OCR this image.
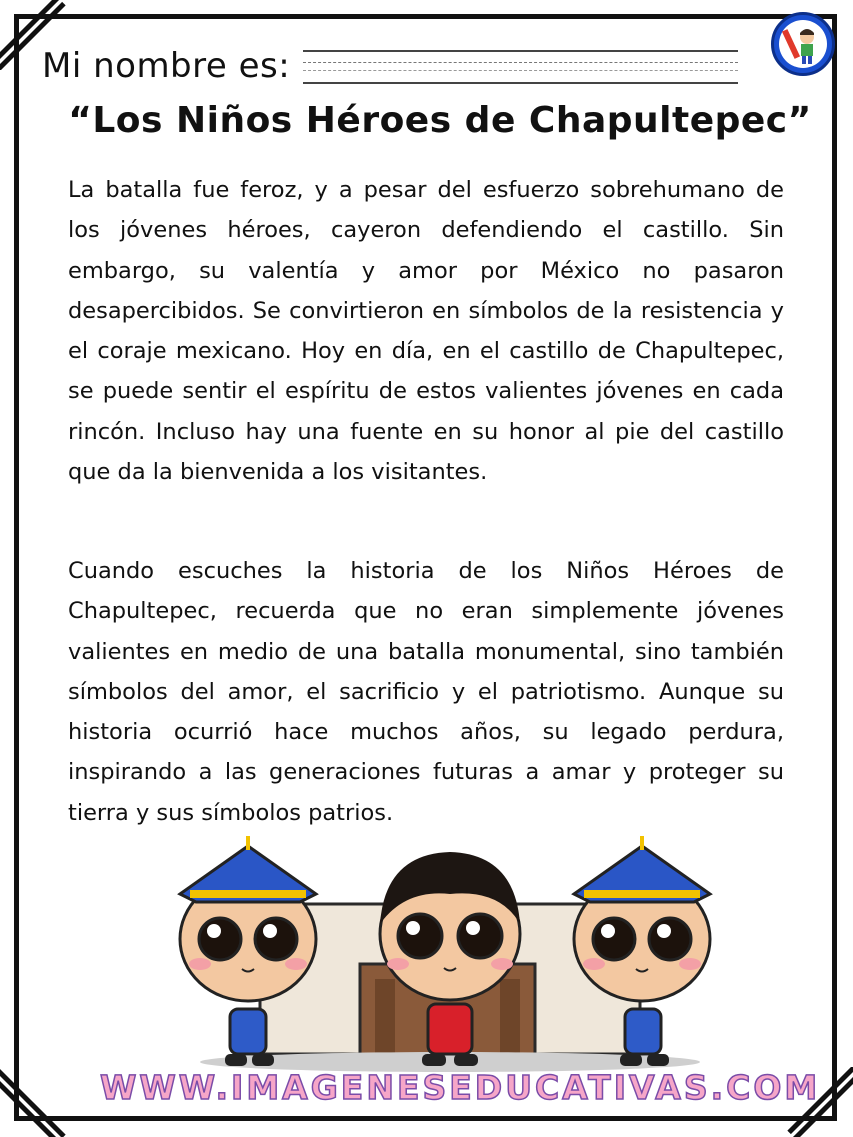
Mi nombre es:
“Los Niños Héroes de Chapultepec”

La batalla fue feroz, y a pesar del esfuerzo sobrehumano de los jóvenes héroes, cayeron defendiendo el castillo. Sin embargo, su valentía y amor por México no pasaron desapercibidos. Se convirtieron en símbolos de la resistencia y el coraje mexicano. Hoy en día, en el castillo de Chapultepec, se puede sentir el espíritu de estos valientes jóvenes en cada rincón. Incluso hay una fuente en su honor al pie del castillo que da la bienvenida a los visitantes.

Cuando escuches la historia de los Niños Héroes de Chapultepec, recuerda que no eran simplemente jóvenes valientes en medio de una batalla monumental, sino también símbolos del amor, el sacrificio y el patriotismo. Aunque su historia ocurrió hace muchos años, su legado perdura, inspirando a las generaciones futuras a amar y proteger su tierra y sus símbolos patrios.

WWW.IMAGENESEDUCATIVAS.COM
